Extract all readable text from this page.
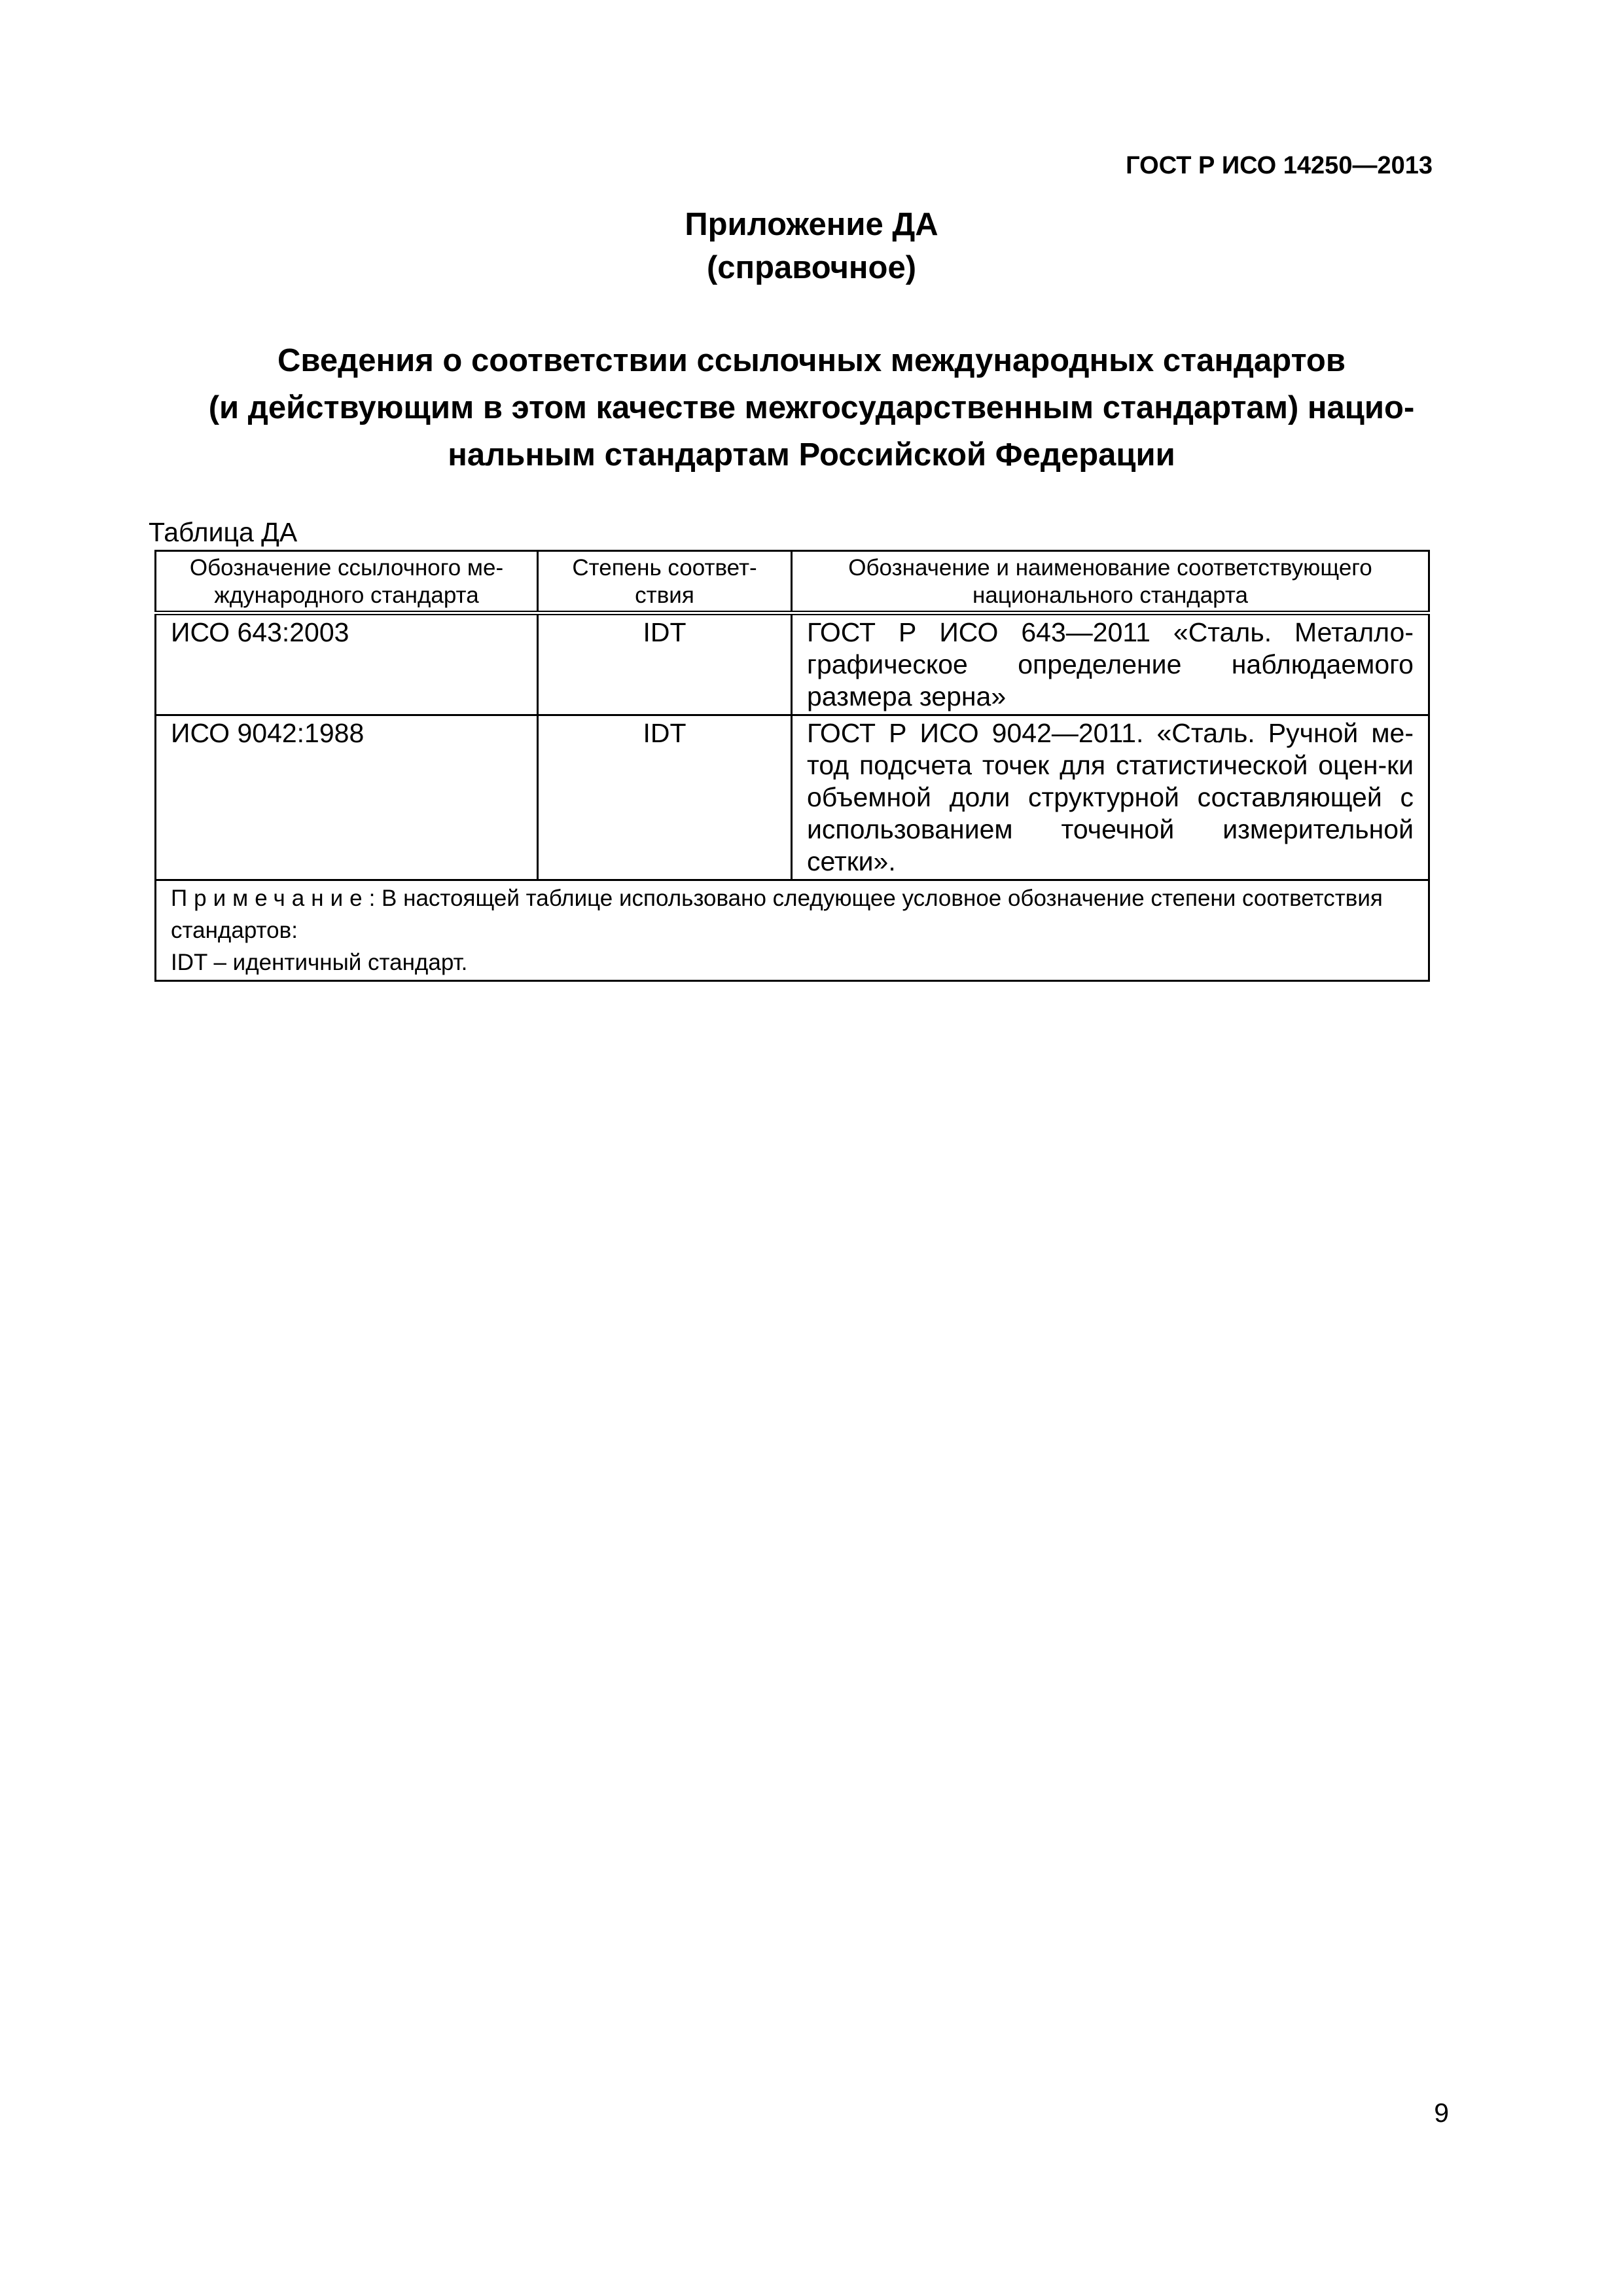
ГОСТ Р ИСО 14250—2013
Приложение ДА
(справочное)
Сведения о соответствии ссылочных международных стандартов
(и действующим в этом качестве межгосударственным стандартам) нацио-
нальным стандартам Российской Федерации
Таблица ДА
Обозначение ссылочного ме-ждународного стандарта	Степень соответ-ствия	Обозначение и наименование соответствующего национального стандарта
ИСО 643:2003	IDT	ГОСТ Р ИСО 643—2011 «Сталь. Металло-графическое определение наблюдаемого размера зерна»
ИСО 9042:1988	IDT	ГОСТ Р ИСО 9042—2011. «Сталь. Ручной ме-тод подсчета точек для статистической оцен-ки объемной доли структурной составляющей с использованием точечной измерительной сетки».

Примечание: В настоящей таблице использовано следующее условное обозначение степени соответствия стандартов:
IDT – идентичный стандарт.		
9
